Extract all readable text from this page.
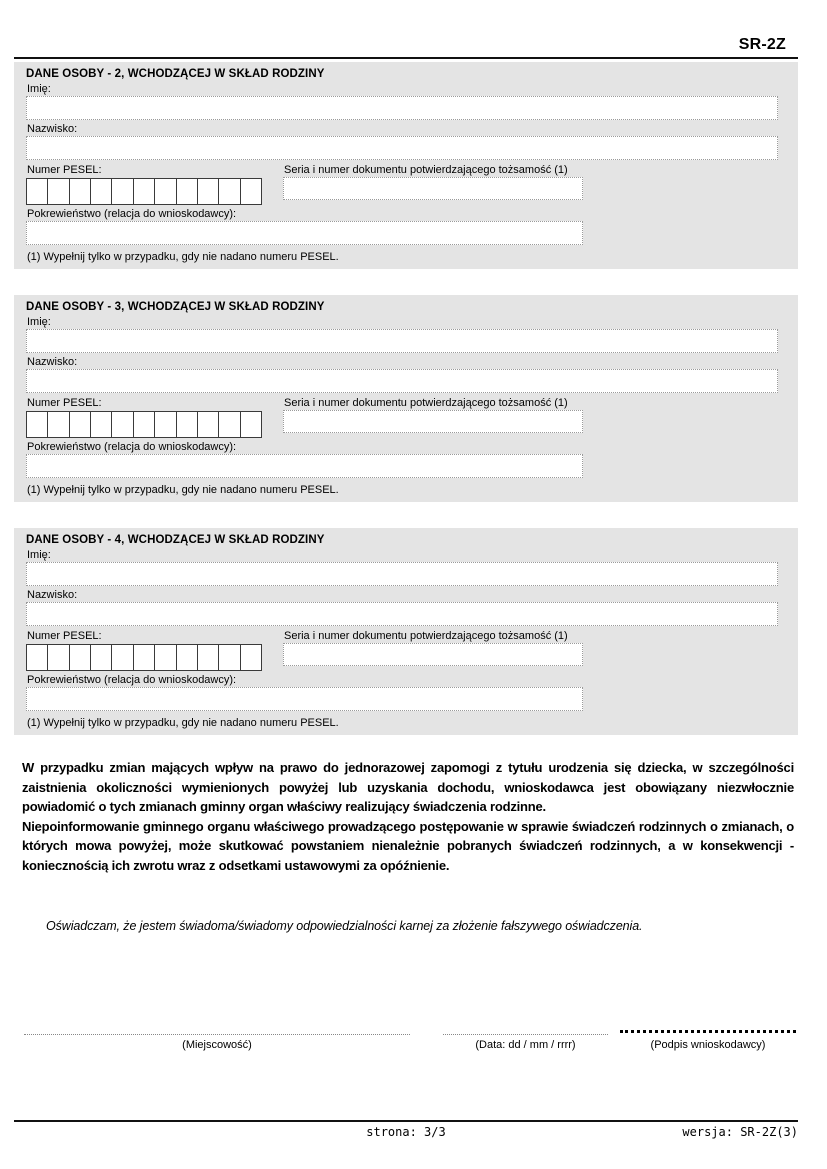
SR-2Z
DANE OSOBY - 2, WCHODZĄCEJ W SKŁAD RODZINY
Imię:
Nazwisko:
Numer PESEL:	Seria i numer dokumentu potwierdzającego tożsamość (1)
Pokrewieństwo (relacja do wnioskodawcy):
(1) Wypełnij tylko w przypadku, gdy nie nadano numeru PESEL.
DANE OSOBY - 3, WCHODZĄCEJ W SKŁAD RODZINY
Imię:
Nazwisko:
Numer PESEL:	Seria i numer dokumentu potwierdzającego tożsamość (1)
Pokrewieństwo (relacja do wnioskodawcy):
(1) Wypełnij tylko w przypadku, gdy nie nadano numeru PESEL.
DANE OSOBY - 4, WCHODZĄCEJ W SKŁAD RODZINY
Imię:
Nazwisko:
Numer PESEL:	Seria i numer dokumentu potwierdzającego tożsamość (1)
Pokrewieństwo (relacja do wnioskodawcy):
(1) Wypełnij tylko w przypadku, gdy nie nadano numeru PESEL.
W przypadku zmian mających wpływ na prawo do jednorazowej zapomogi z tytułu urodzenia się dziecka, w szczególności zaistnienia okoliczności wymienionych powyżej lub uzyskania dochodu, wnioskodawca jest obowiązany niezwłocznie powiadomić o tych zmianach gminny organ właściwy realizujący świadczenia rodzinne.
Niepoinformowanie gminnego organu właściwego prowadzącego postępowanie w sprawie świadczeń rodzinnych o zmianach, o których mowa powyżej, może skutkować powstaniem nienależnie pobranych świadczeń rodzinnych, a w konsekwencji - koniecznością ich zwrotu wraz z odsetkami ustawowymi za opóźnienie.
Oświadczam, że jestem świadoma/świadomy odpowiedzialności karnej za złożenie fałszywego oświadczenia.
(Miejscowość)	(Data: dd / mm / rrrr)	(Podpis wnioskodawcy)
strona: 3/3	wersja: SR-2Z(3)
